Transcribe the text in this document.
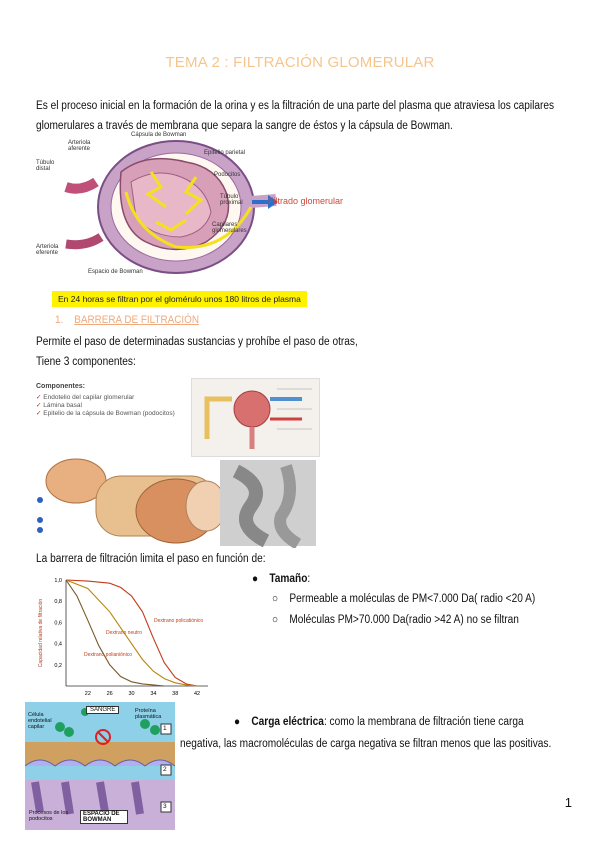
TEMA 2 : FILTRACIÓN GLOMERULAR
Es el proceso inicial en la formación de la orina y es la filtración de una parte del plasma que atraviesa los capilares glomerulares a través de membrana que separa la sangre de éstos y la cápsula de Bowman.
Cápsula de Bowman
Arteriola aferente
Túbulo distal
Epitelio parietal
Podocitos
Túbulo proximal
Capilares glomerulares
Arteriola eferente
Espacio de Bowman
Filtrado glomerular
En 24 horas se filtran por el glomérulo unos 180 litros de plasma
1. BARRERA DE FILTRACIÓN
Permite el paso de determinadas sustancias y prohíbe el paso de otras,
Tiene 3 componentes:
Componentes:
✓ Endotelio del capilar glomerular
✓ Lámina basal
✓ Epitelio de la cápsula de Bowman (podocitos)
La barrera de filtración limita el paso en función de:
1,0
0,8
0,6
0,4
0,2
22	26	30	34	38	42
Capacidad relativa de filtración	Dextrano policatiónico
Dextrano neutro
Dextrano polianiónico
● Tamaño:
○ Permeable a moléculas de PM<7.000 Da( radio <20 A)
○ Moléculas PM>70.000 Da(radio >42 A) no se filtran
SANGRE
Célula endotelial capilar
Proteína plasmática
ESPACIO DE BOWMAN
Procesos de los podocitos
1
2
3
● Carga eléctrica: como la membrana de filtración tiene carga
negativa, las macromoléculas de carga negativa se filtran menos que las positivas.
1
